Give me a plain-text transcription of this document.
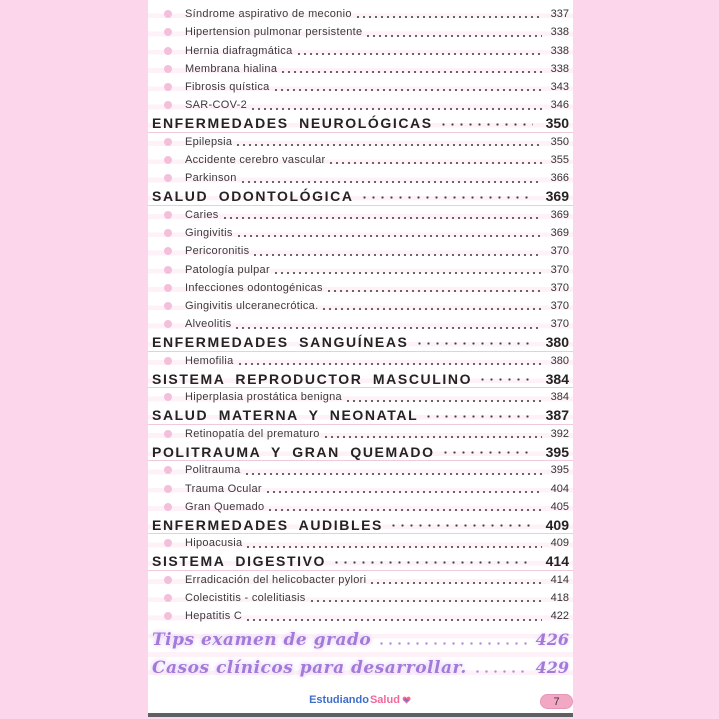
Síndrome aspirativo de meconio	337
Hipertension pulmonar persistente	338
Hernia diafragmática	338
Membrana hialina	338
Fibrosis quística	343
SAR-COV-2	346
ENFERMEDADES NEUROLÓGICAS	350
Epilepsia	350
Accidente cerebro vascular	355
Parkinson	366
SALUD ODONTOLÓGICA	369
Caries	369
Gingivitis	369
Pericoronitis	370
Patología pulpar	370
Infecciones odontogénicas	370
Gingivitis ulceranecrótica.	370
Alveolitis	370
ENFERMEDADES SANGUÍNEAS	380
Hemofilia	380
SISTEMA REPRODUCTOR MASCULINO	384
Hiperplasia prostática benigna	384
SALUD MATERNA Y NEONATAL	387
Retinopatía del prematuro	392
POLITRAUMA Y GRAN QUEMADO	395
Politrauma	395
Trauma Ocular	404
Gran Quemado	405
ENFERMEDADES AUDIBLES	409
Hipoacusia	409
SISTEMA DIGESTIVO	414
Erradicación del helicobacter pylori	414
Colecistitis - colelitiasis	418
Hepatitis C	422
Tips examen de grado	426
Casos clínicos para desarrollar.	429
Estudiando Salud	7
